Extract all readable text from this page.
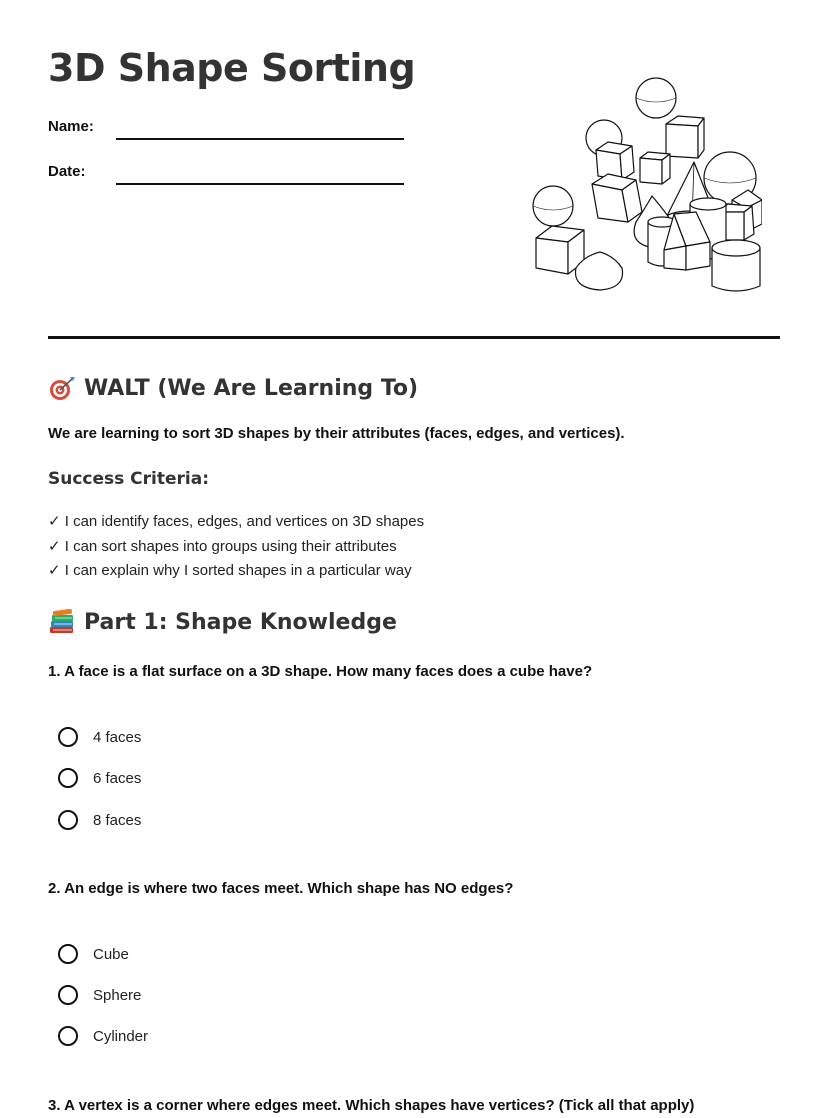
3D Shape Sorting
Name:
Date:
WALT (We Are Learning To)
We are learning to sort 3D shapes by their attributes (faces, edges, and vertices).
Success Criteria:
✓ I can identify faces, edges, and vertices on 3D shapes
✓ I can sort shapes into groups using their attributes
✓ I can explain why I sorted shapes in a particular way
Part 1: Shape Knowledge
1. A face is a flat surface on a 3D shape. How many faces does a cube have?
4 faces
6 faces
8 faces
2. An edge is where two faces meet. Which shape has NO edges?
Cube
Sphere
Cylinder
3. A vertex is a corner where edges meet. Which shapes have vertices? (Tick all that apply)
